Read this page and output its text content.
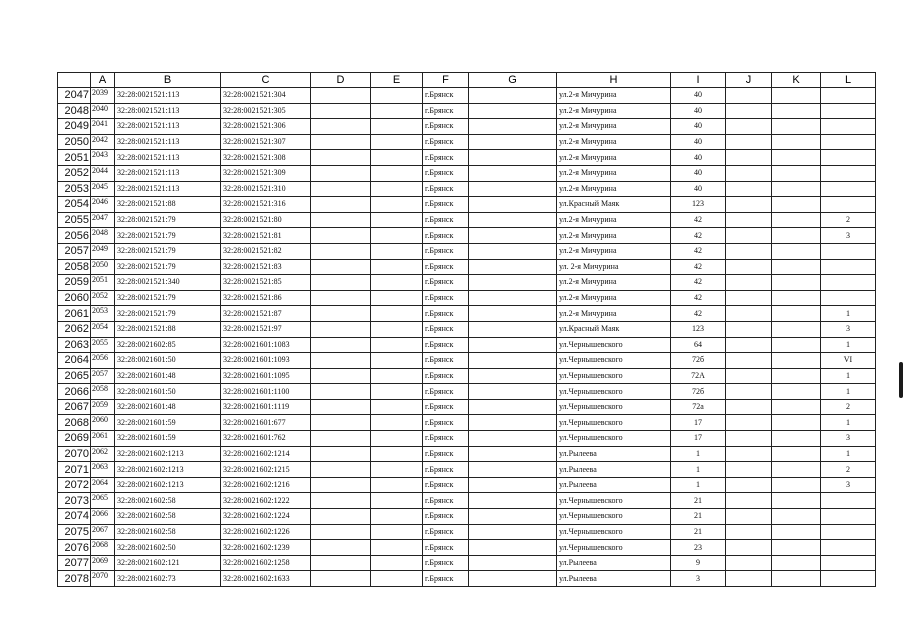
	A	B	C	D	E	F	G	H	I	J	K	L
2047	2039	32:28:0021521:113	32:28:0021521:304			г.Брянск		ул.2-я Мичурина	40			
2048	2040	32:28:0021521:113	32:28:0021521:305			г.Брянск		ул.2-я Мичурина	40			
2049	2041	32:28:0021521:113	32:28:0021521:306			г.Брянск		ул.2-я Мичурина	40			
2050	2042	32:28:0021521:113	32:28:0021521:307			г.Брянск		ул.2-я Мичурина	40			
2051	2043	32:28:0021521:113	32:28:0021521:308			г.Брянск		ул.2-я Мичурина	40			
2052	2044	32:28:0021521:113	32:28:0021521:309			г.Брянск		ул.2-я Мичурина	40			
2053	2045	32:28:0021521:113	32:28:0021521:310			г.Брянск		ул.2-я Мичурина	40			
2054	2046	32:28:0021521:88	32:28:0021521:316			г.Брянск		ул.Красный Маяк	123			
2055	2047	32:28:0021521:79	32:28:0021521:80			г.Брянск		ул.2-я Мичурина	42			2
2056	2048	32:28:0021521:79	32:28:0021521:81			г.Брянск		ул.2-я Мичурина	42			3
2057	2049	32:28:0021521:79	32:28:0021521:82			г.Брянск		ул.2-я Мичурина	42			
2058	2050	32:28:0021521:79	32:28:0021521:83			г.Брянск		ул. 2-я Мичурина	42			
2059	2051	32:28:0021521:340	32:28:0021521:85			г.Брянск		ул.2-я Мичурина	42			
2060	2052	32:28:0021521:79	32:28:0021521:86			г.Брянск		ул.2-я Мичурина	42			
2061	2053	32:28:0021521:79	32:28:0021521:87			г.Брянск		ул.2-я Мичурина	42			1
2062	2054	32:28:0021521:88	32:28:0021521:97			г.Брянск		ул.Красный Маяк	123			3
2063	2055	32:28:0021602:85	32:28:0021601:1083			г.Брянск		ул.Чернышевского	64			1
2064	2056	32:28:0021601:50	32:28:0021601:1093			г.Брянск		ул.Чернышевского	72б			VI
2065	2057	32:28:0021601:48	32:28:0021601:1095			г.Брянск		ул.Чернышевского	72А			1
2066	2058	32:28:0021601:50	32:28:0021601:1100			г.Брянск		ул.Чернышевского	72б			1
2067	2059	32:28:0021601:48	32:28:0021601:1119			г.Брянск		ул.Чернышевского	72а			2
2068	2060	32:28:0021601:59	32:28:0021601:677			г.Брянск		ул.Чернышевского	17			1
2069	2061	32:28:0021601:59	32:28:0021601:762			г.Брянск		ул.Чернышевского	17			3
2070	2062	32:28:0021602:1213	32:28:0021602:1214			г.Брянск		ул.Рылеева	1			1
2071	2063	32:28:0021602:1213	32:28:0021602:1215			г.Брянск		ул.Рылеева	1			2
2072	2064	32:28:0021602:1213	32:28:0021602:1216			г.Брянск		ул.Рылеева	1			3
2073	2065	32:28:0021602:58	32:28:0021602:1222			г.Брянск		ул.Чернышевского	21			
2074	2066	32:28:0021602:58	32:28:0021602:1224			г.Брянск		ул.Чернышевского	21			
2075	2067	32:28:0021602:58	32:28:0021602:1226			г.Брянск		ул.Чернышевского	21			
2076	2068	32:28:0021602:50	32:28:0021602:1239			г.Брянск		ул.Чернышевского	23			
2077	2069	32:28:0021602:121	32:28:0021602:1258			г.Брянск		ул.Рылеева	9			
2078	2070	32:28:0021602:73	32:28:0021602:1633			г.Брянск		ул.Рылеева	3			
